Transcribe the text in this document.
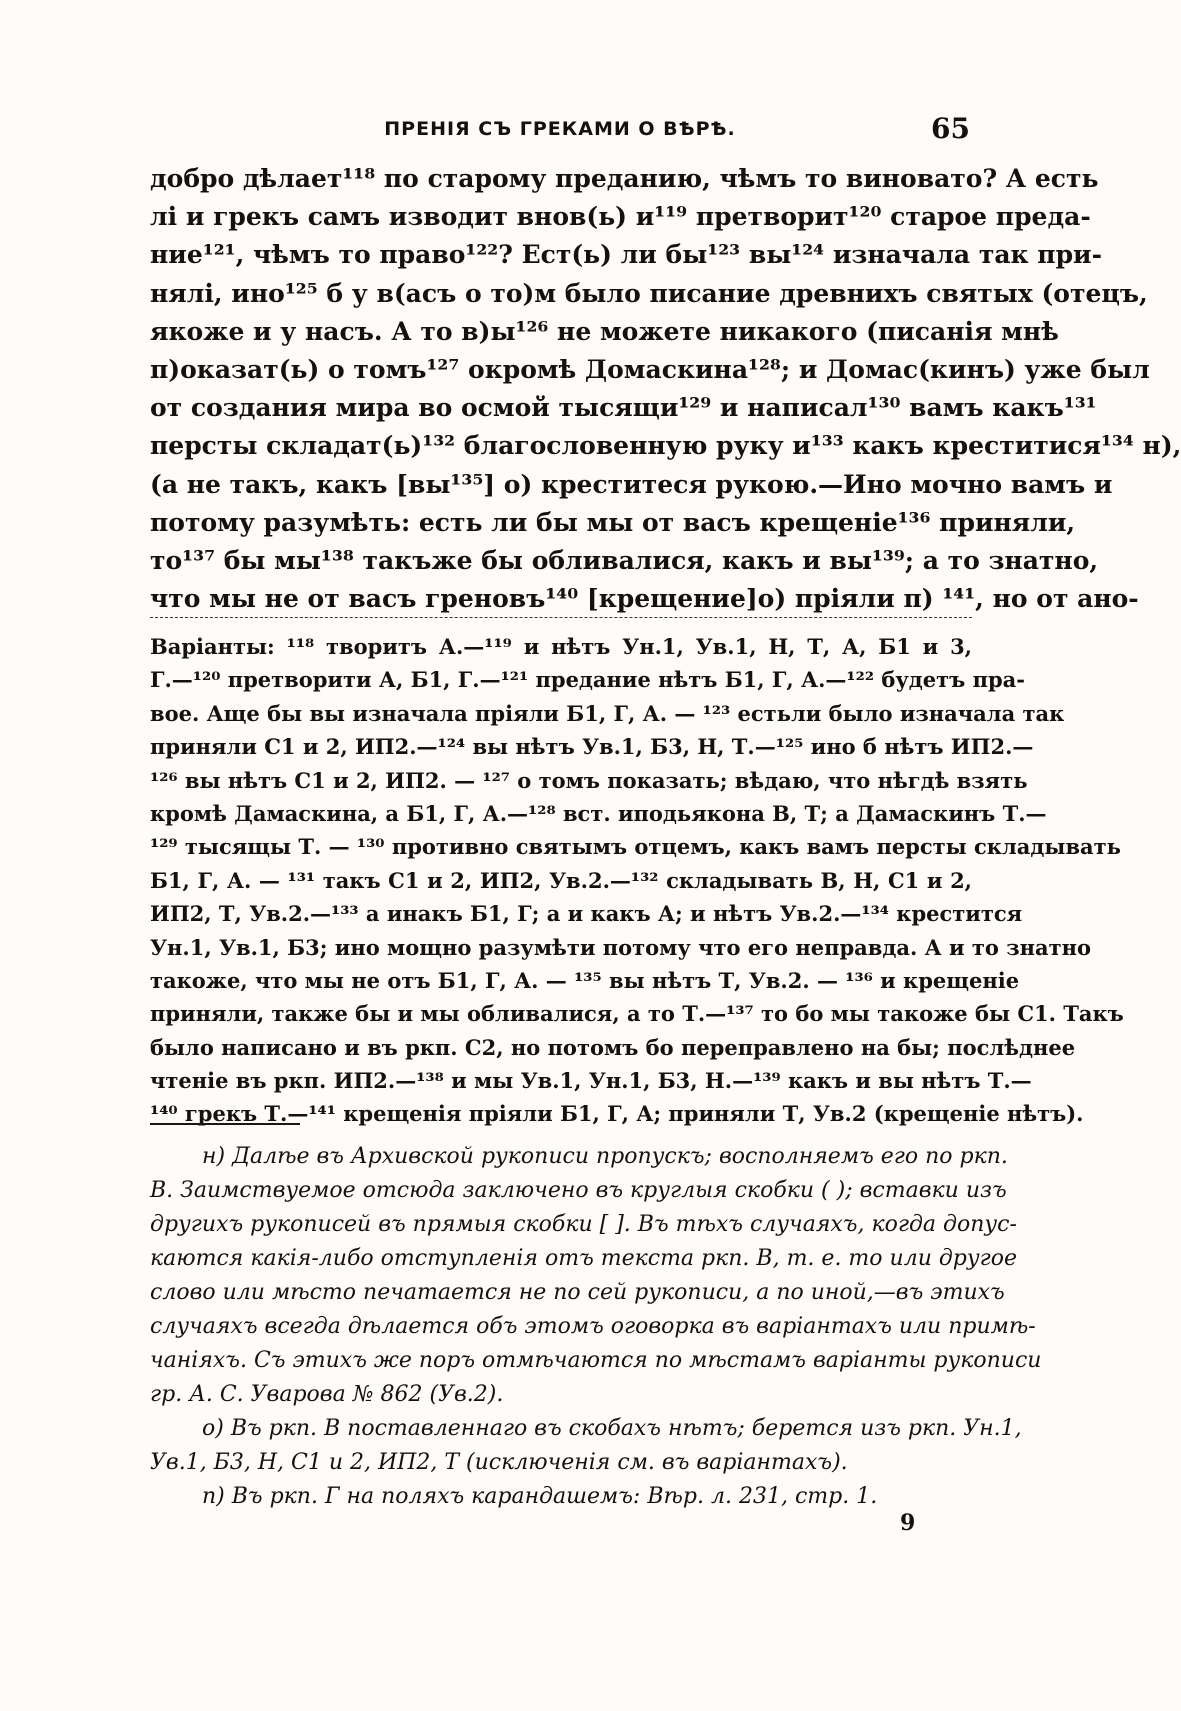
ПРЕНІЯ СЪ ГРЕКАМИ О ВѢРѢ.	65
добро дѣлает¹¹⁸ по старому преданию, чѣмъ то виновато? А есть
лі и грекъ самъ изводит внов(ь) и¹¹⁹ претворит¹²⁰ старое преда-
ние¹²¹, чѣмъ то право¹²²? Ест(ь) ли бы¹²³ вы¹²⁴ изначала так при-
нялі, ино¹²⁵ б у в(асъ о то)м было писание древнихъ святых (отецъ,
якоже и у насъ. А то в)ы¹²⁶ не можете никакого (писанія мнѣ
п)оказат(ь) о томъ¹²⁷ окромѣ Домаскина¹²⁸; и Домас(кинъ) уже был
от создания мира во осмой тысящи¹²⁹ и написал¹³⁰ вамъ какъ¹³¹
персты складат(ь)¹³² благословенную руку и¹³³ какъ креститися¹³⁴ н),
(а не такъ, какъ [вы¹³⁵] о) креститеся рукою.—Ино мочно вамъ и
потому разумѣть: есть ли бы мы от васъ крещеніе¹³⁶ приняли,
то¹³⁷ бы мы¹³⁸ такъже бы обливалися, какъ и вы¹³⁹; а то знатно,
что мы не от васъ греновъ¹⁴⁰ [крещение]о) пріяли п) ¹⁴¹, но от ано-
Варіанты: ¹¹⁸ творитъ А.—¹¹⁹ и нѣтъ Ун.1, Ув.1, Н, Т, А, Б1 и 3,
Г.—¹²⁰ претворити А, Б1, Г.—¹²¹ предание нѣтъ Б1, Г, А.—¹²² будетъ пра-
вое. Аще бы вы изначала пріяли Б1, Г, А. — ¹²³ естьли было изначала так
приняли С1 и 2, ИП2.—¹²⁴ вы нѣтъ Ув.1, Б3, Н, Т.—¹²⁵ ино б нѣтъ ИП2.—
¹²⁶ вы нѣтъ С1 и 2, ИП2. — ¹²⁷ о томъ показать; вѣдаю, что нѣгдѣ взять
кромѣ Дамаскина, а Б1, Г, А.—¹²⁸ вст. иподьякона В, Т; а Дамаскинъ Т.—
¹²⁹ тысящы Т. — ¹³⁰ противно святымъ отцемъ, какъ вамъ персты складывать
Б1, Г, А. — ¹³¹ такъ С1 и 2, ИП2, Ув.2.—¹³² складывать В, Н, С1 и 2,
ИП2, Т, Ув.2.—¹³³ а инакъ Б1, Г; а и какъ А; и нѣтъ Ув.2.—¹³⁴ крестится
Ун.1, Ув.1, Б3; ино мощно разумѣти потому что его неправда. А и то знатно
такоже, что мы не отъ Б1, Г, А. — ¹³⁵ вы нѣтъ Т, Ув.2. — ¹³⁶ и крещеніе
приняли, также бы и мы обливалися, а то Т.—¹³⁷ то бо мы такоже бы С1. Такъ
было написано и въ ркп. С2, но потомъ бо переправлено на бы; послѣднее
чтеніе въ ркп. ИП2.—¹³⁸ и мы Ув.1, Ун.1, Б3, Н.—¹³⁹ какъ и вы нѣтъ Т.—
¹⁴⁰ грекъ Т.—¹⁴¹ крещенія пріяли Б1, Г, А; приняли Т, Ув.2 (крещеніе нѣтъ).
н) Далѣе въ Архивской рукописи пропускъ; восполняемъ его по ркп.
В. Заимствуемое отсюда заключено въ круглыя скобки ( ); вставки изъ
другихъ рукописей въ прямыя скобки [ ]. Въ тѣхъ случаяхъ, когда допус-
каются какія-либо отступленія отъ текста ркп. В, т. е. то или другое
слово или мѣсто печатается не по сей рукописи, а по иной,—въ этихъ
случаяхъ всегда дѣлается объ этомъ оговорка въ варіантахъ или примѣ-
чаніяхъ. Съ этихъ же поръ отмѣчаются по мѣстамъ варіанты рукописи
гр. А. С. Уварова № 862 (Ув.2).
о) Въ ркп. В поставленнаго въ скобахъ нѣтъ; берется изъ ркп. Ун.1,
Ув.1, Б3, Н, С1 и 2, ИП2, Т (исключенія см. въ варіантахъ).
п) Въ ркп. Г на поляхъ карандашемъ: Вѣр. л. 231, стр. 1.
9
